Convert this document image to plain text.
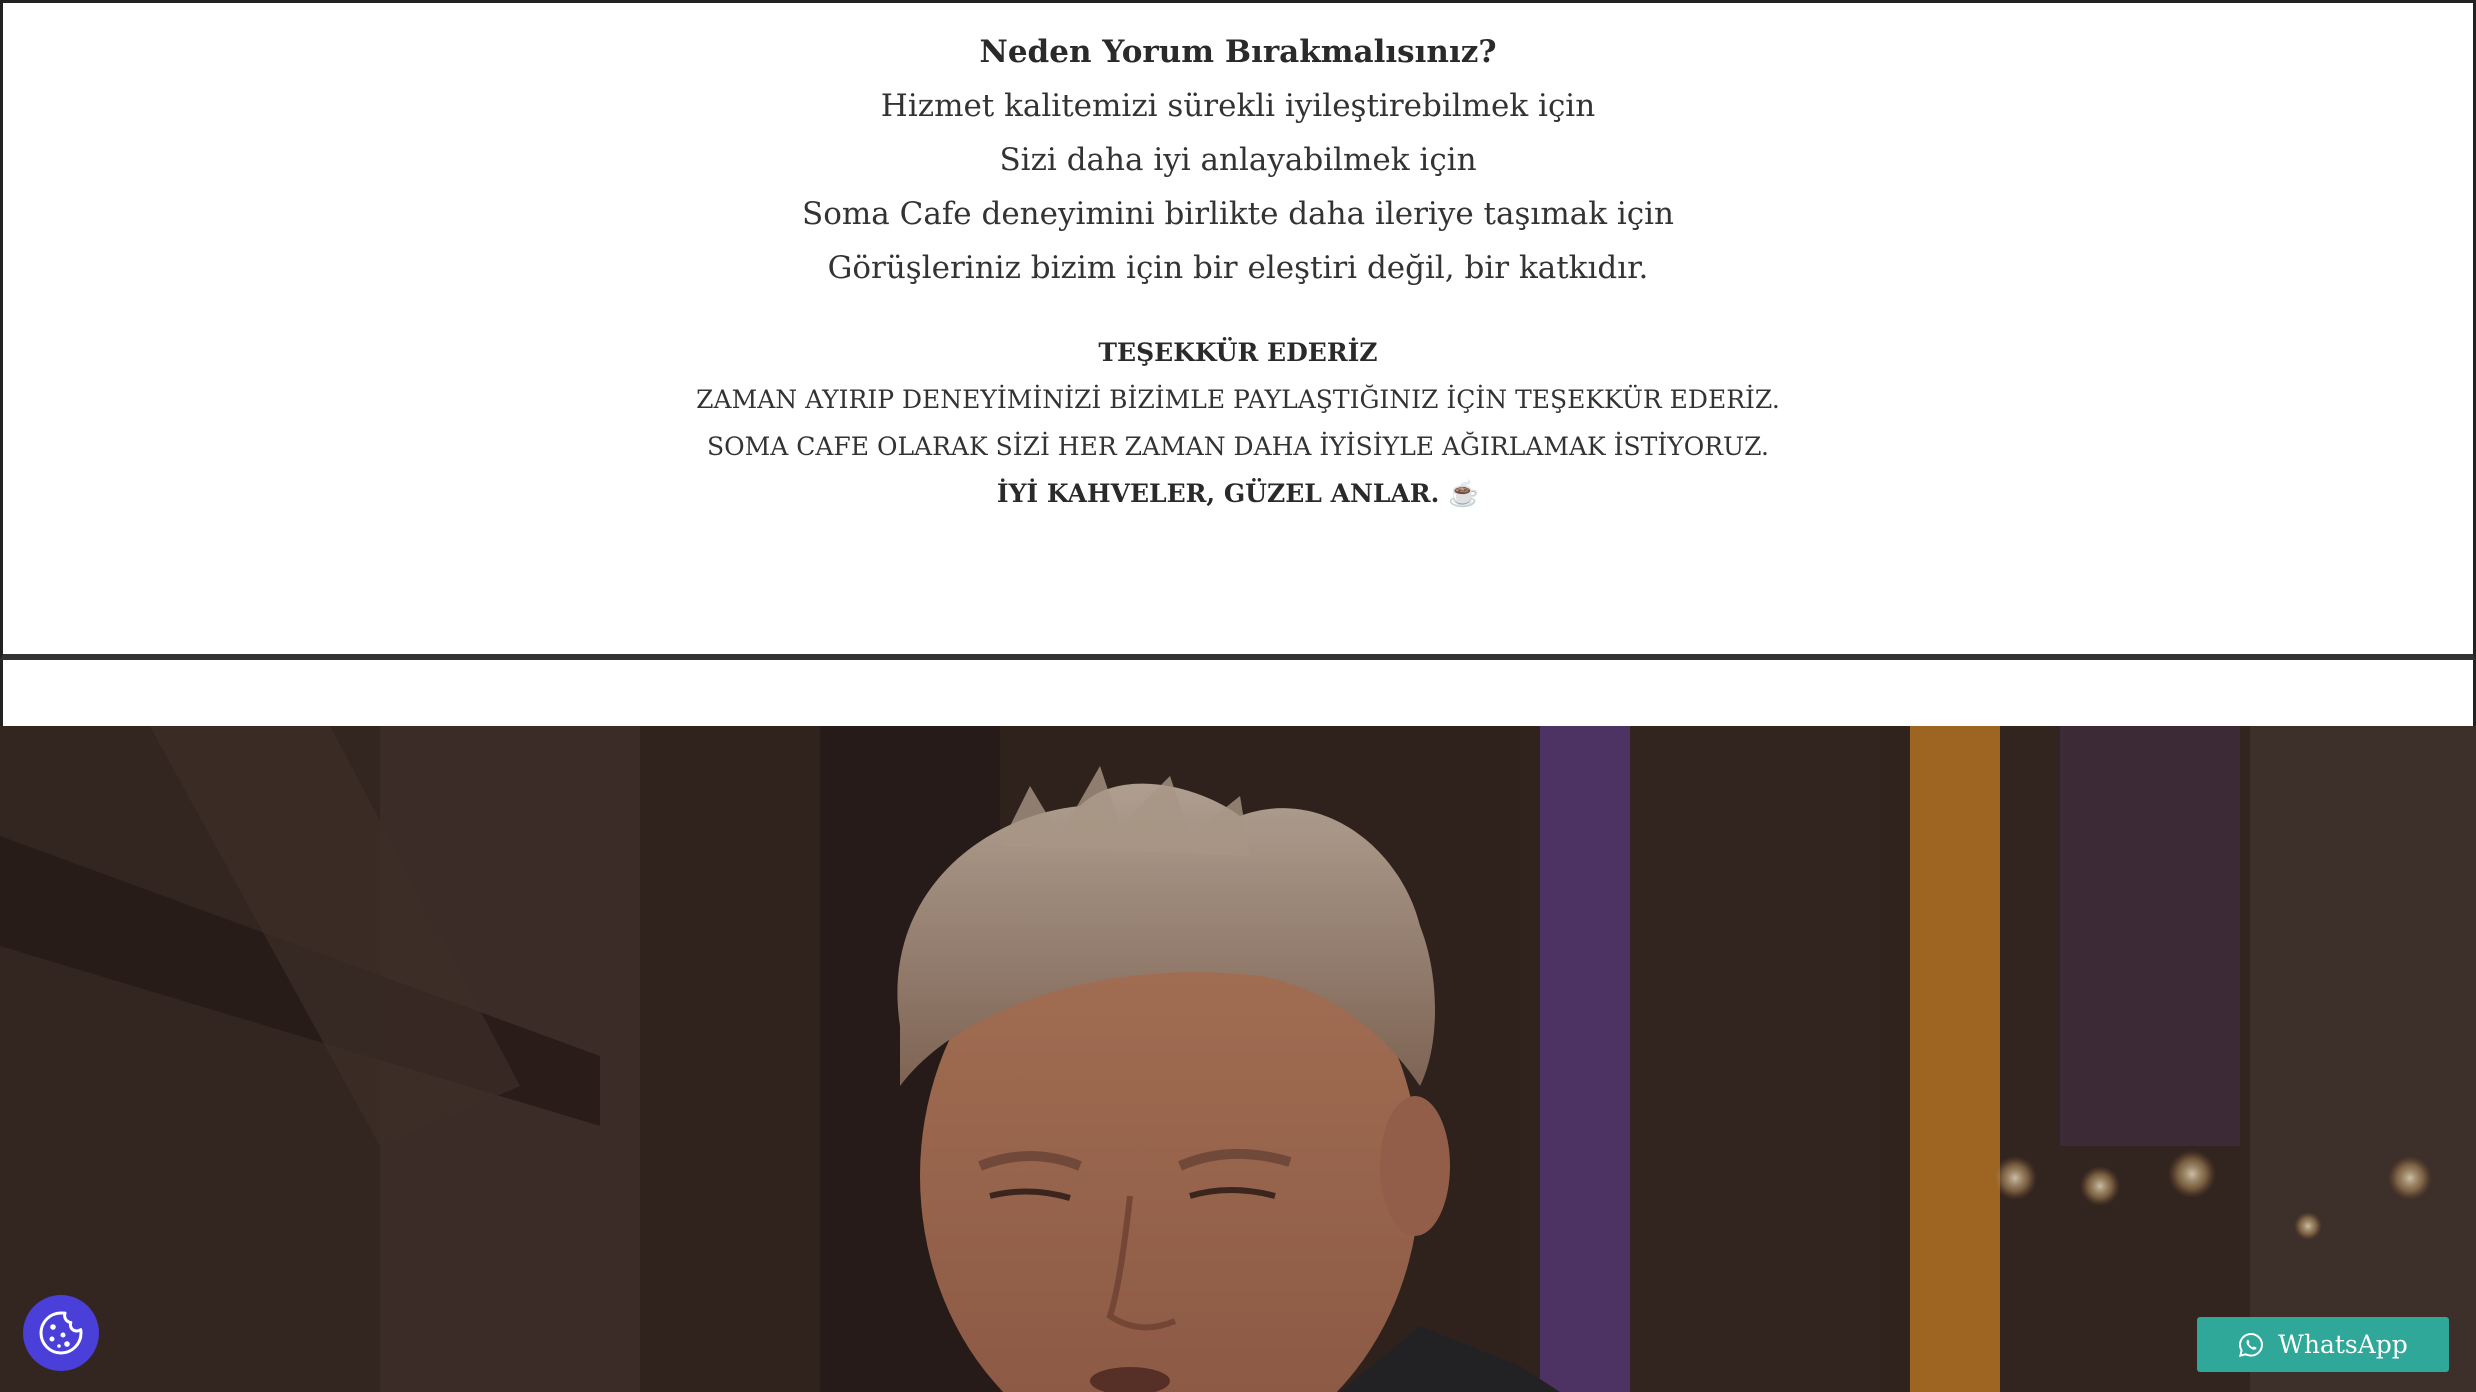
Neden Yorum Bırakmalısınız?

Hizmet kalitemizi sürekli iyileştirebilmek için

Sizi daha iyi anlayabilmek için

Soma Cafe deneyimini birlikte daha ileriye taşımak için

Görüşleriniz bizim için bir eleştiri değil, bir katkıdır.

TEŞEKKÜR EDERİZ

ZAMAN AYIRIP DENEYİMİNİZİ BİZİMLE PAYLAŞTIĞINIZ İÇİN TEŞEKKÜR EDERİZ.

SOMA CAFE OLARAK SİZİ HER ZAMAN DAHA İYİSİYLE AĞIRLAMAK İSTİYORUZ.

İYİ KAHVELER, GÜZEL ANLAR. ☕

WhatsApp
